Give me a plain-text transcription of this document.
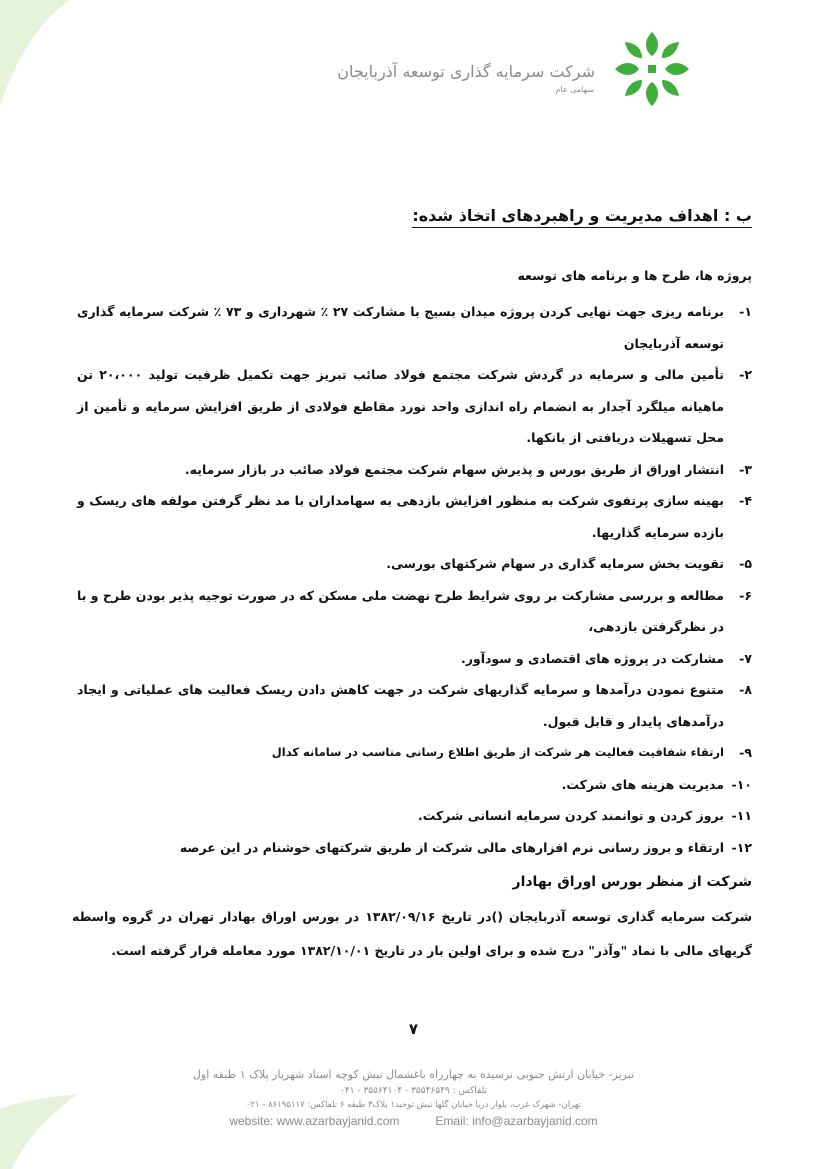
شرکت سرمایه گذاری توسعه آذربایجان
سهامی عام
ب : اهداف مدیریت و راهبردهای اتخاذ شده:
پروژه ها، طرح ها و برنامه های توسعه
۱-
برنامه ریزی جهت نهایی کردن پروژه میدان بسیج با مشارکت ۲۷ ٪ شهرداری و ۷۳ ٪ شرکت سرمایه گذاری توسعه آذربایجان
۲-
تأمین مالی و سرمایه در گردش شرکت مجتمع فولاد صائب تبریز جهت تکمیل ظرفیت تولید ۲۰،۰۰۰ تن ماهیانه میلگرد آجدار به انضمام راه اندازی واحد نورد مقاطع فولادی از طریق افزایش سرمایه و تأمین از محل تسهیلات دریافتی از بانکها.
۳-
انتشار اوراق از طریق بورس و پذیرش سهام شرکت مجتمع فولاد صائب در بازار سرمایه.
۴-
بهینه سازی پرتفوی شرکت به منظور افزایش بازدهی به سهامداران با مد نظر گرفتن مولفه های ریسک و بازده سرمایه گذاریها.
۵-
تقویت بخش سرمایه گذاری در سهام شرکتهای بورسی.
۶-
مطالعه و بررسی مشارکت بر روی شرایط طرح نهضت ملی مسکن که در صورت توجیه پذیر بودن طرح و با در نظرگرفتن بازدهی،
۷-
مشارکت در پروژه های اقتصادی و سودآور.
۸-
متنوع نمودن درآمدها و سرمایه گذاریهای شرکت در جهت کاهش دادن ریسک فعالیت های عملیاتی و ایجاد درآمدهای پایدار و قابل قبول.
۹-
ارتقاء شفافیت فعالیت هر شرکت از طریق اطلاع رسانی مناسب در سامانه کدال
۱۰-
مدیریت هزینه های شرکت.
۱۱-
بروز کردن و توانمند کردن سرمایه انسانی شرکت.
۱۲-
ارتقاء و بروز رسانی نرم افزارهای مالی شرکت از طریق شرکتهای خوشنام در این عرصه
شرکت از منظر بورس اوراق بهادار
شرکت سرمایه گذاری توسعه آذربایجان ()در تاریخ ۱۳۸۲/۰۹/۱۶ در بورس اوراق بهادار تهران در گروه واسطه گریهای مالی با نماد "وآذر" درج شده و برای اولین بار در تاریخ ۱۳۸۲/۱۰/۰۱ مورد معامله قرار گرفته است.
۷
تبریز- خیابان ارتش جنوبی نرسیده به چهارراه باغشمال نبش کوچه استاد شهریار پلاک ۱ طبقه اول
تلفاکس : ۳۵۵۴۶۵۴۹ - ۳۵۵۶۴۱۰۴ - ۰۴۱
تهران- شهرک غرب، بلوار دریا خیابان گلها نبش توحید۱ پلاک۳ طبقه ۶ تلفاکس: ۸۶۱۹۵۱۱۷ - ۰۲۱
website: www.azarbayjanid.com	Email: info@azarbayjanid.com
